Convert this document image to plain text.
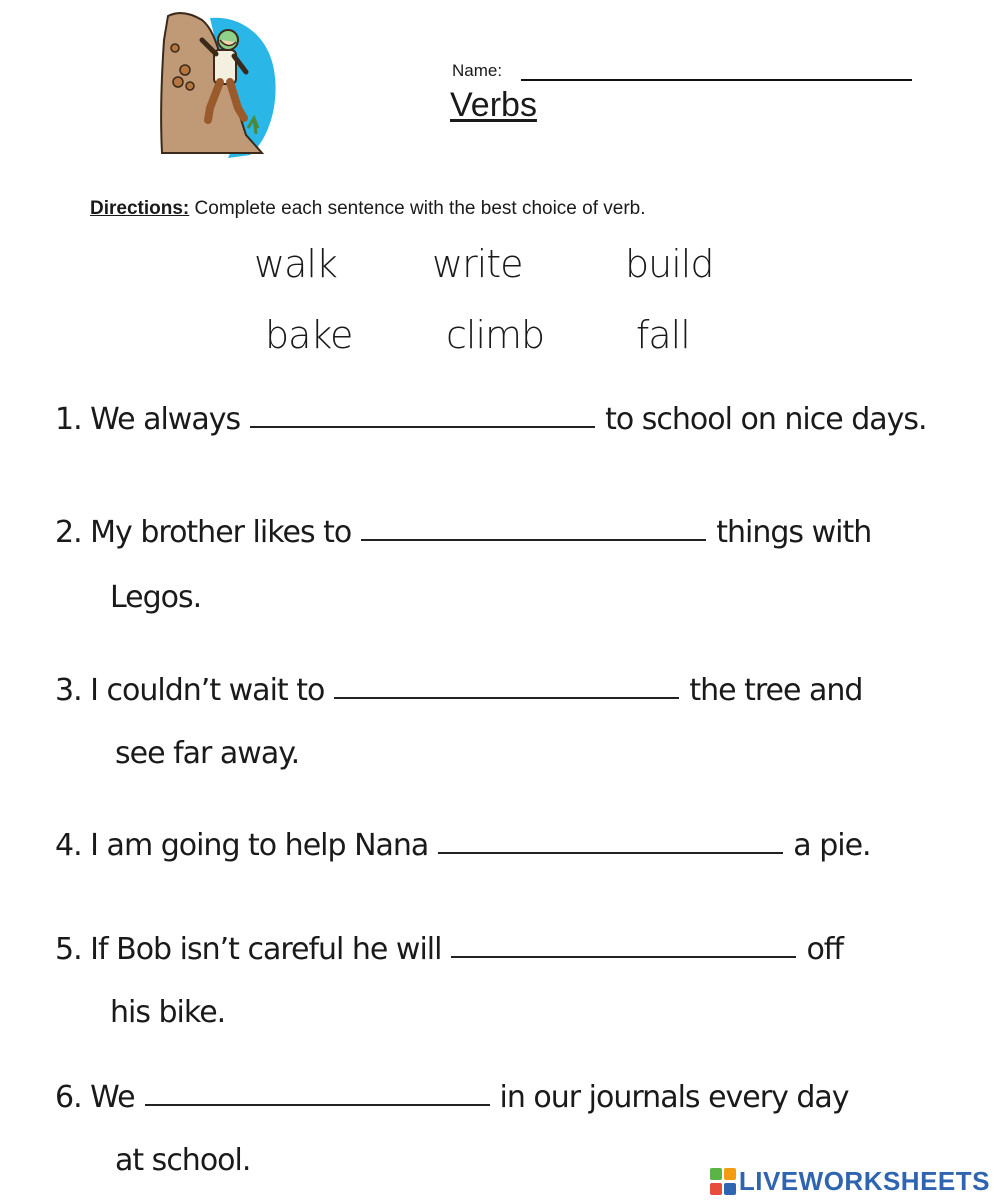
Name:
Verbs
Directions: Complete each sentence with the best choice of verb.
walk	write	build
bake climb fall
1. We always	to school on nice days.
2. My brother likes to	things with
Legos.
3. I couldn’t wait to	the tree and
see far away.
4. I am going to help Nana	a pie.
5. If Bob isn’t careful he will	off
his bike.
6. We	in our journals every day
at school.
LIVEWORKSHEETS
